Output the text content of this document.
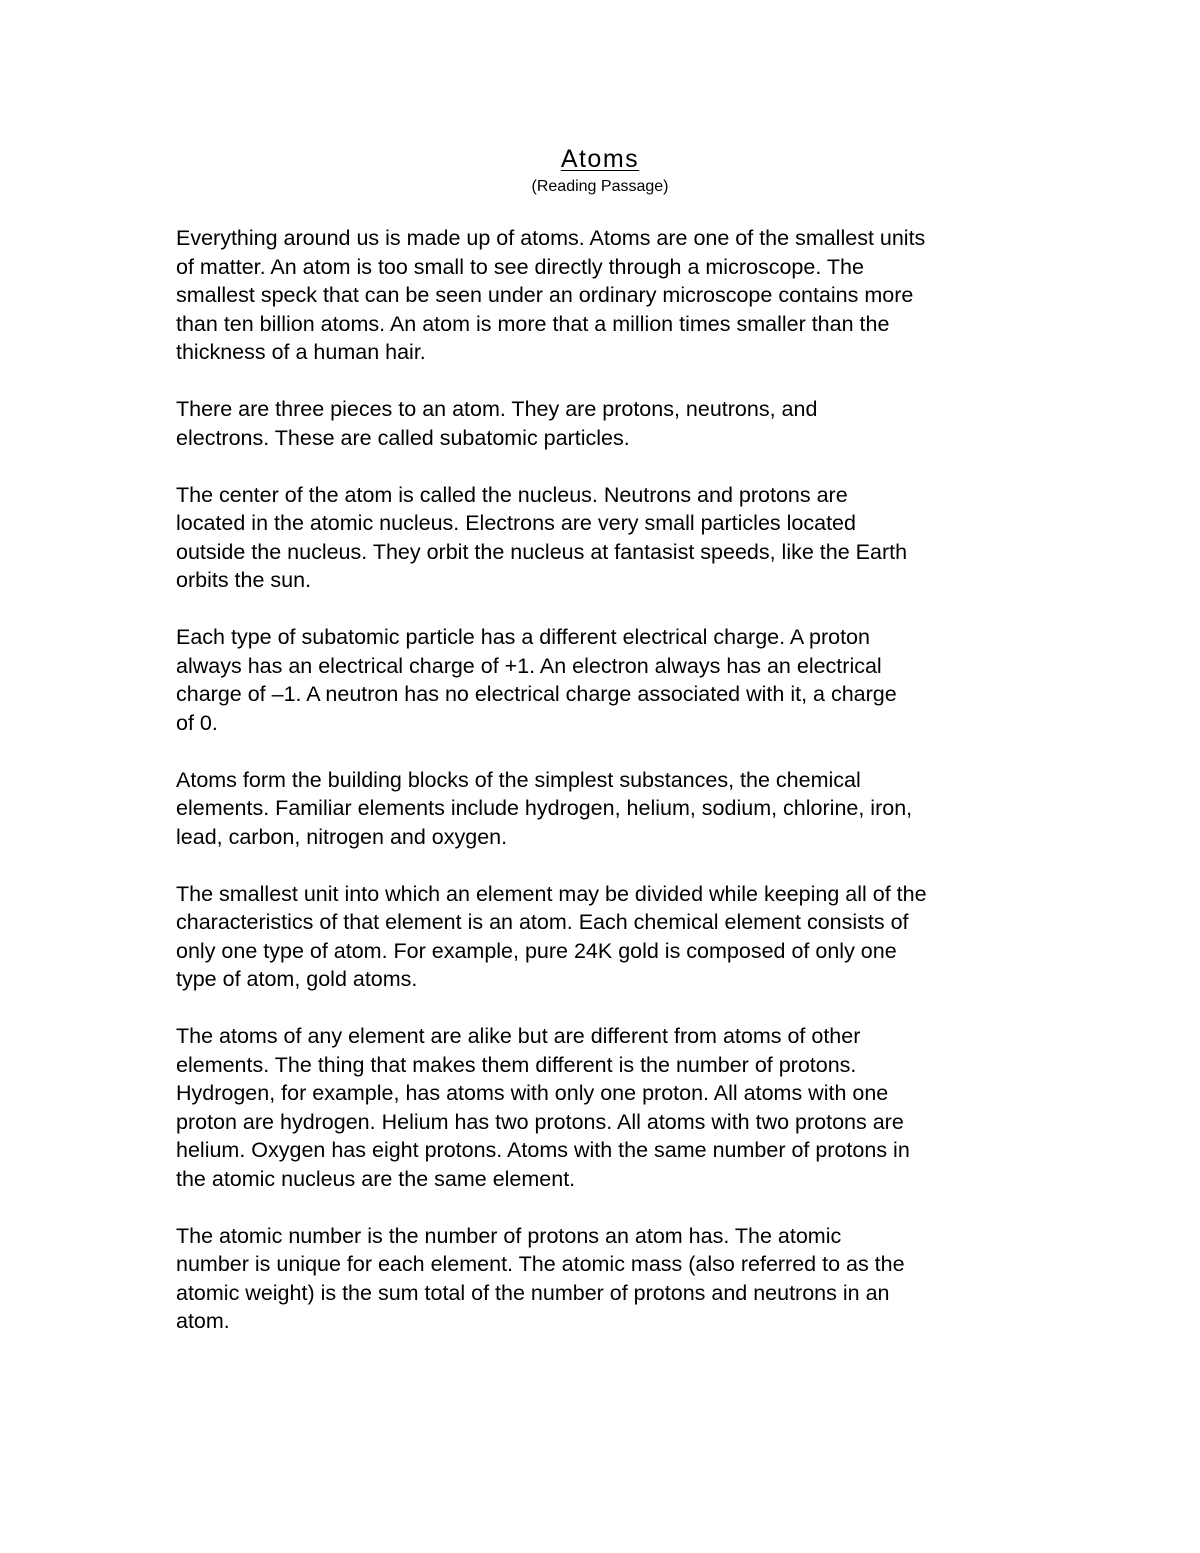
Atoms
(Reading Passage)

Everything around us is made up of atoms. Atoms are one of the smallest units
of matter. An atom is too small to see directly through a microscope. The
smallest speck that can be seen under an ordinary microscope contains more
than ten billion atoms. An atom is more that a million times smaller than the
thickness of a human hair.

There are three pieces to an atom. They are protons, neutrons, and
electrons. These are called subatomic particles.

The center of the atom is called the nucleus. Neutrons and protons are
located in the atomic nucleus. Electrons are very small particles located
outside the nucleus. They orbit the nucleus at fantasist speeds, like the Earth
orbits the sun.

Each type of subatomic particle has a different electrical charge. A proton
always has an electrical charge of +1. An electron always has an electrical
charge of –1. A neutron has no electrical charge associated with it, a charge
of 0.

Atoms form the building blocks of the simplest substances, the chemical
elements. Familiar elements include hydrogen, helium, sodium, chlorine, iron,
lead, carbon, nitrogen and oxygen.

The smallest unit into which an element may be divided while keeping all of the
characteristics of that element is an atom. Each chemical element consists of
only one type of atom. For example, pure 24K gold is composed of only one
type of atom, gold atoms.

The atoms of any element are alike but are different from atoms of other
elements. The thing that makes them different is the number of protons.
Hydrogen, for example, has atoms with only one proton. All atoms with one
proton are hydrogen. Helium has two protons. All atoms with two protons are
helium. Oxygen has eight protons. Atoms with the same number of protons in
the atomic nucleus are the same element.

The atomic number is the number of protons an atom has. The atomic
number is unique for each element. The atomic mass (also referred to as the
atomic weight) is the sum total of the number of protons and neutrons in an
atom.
